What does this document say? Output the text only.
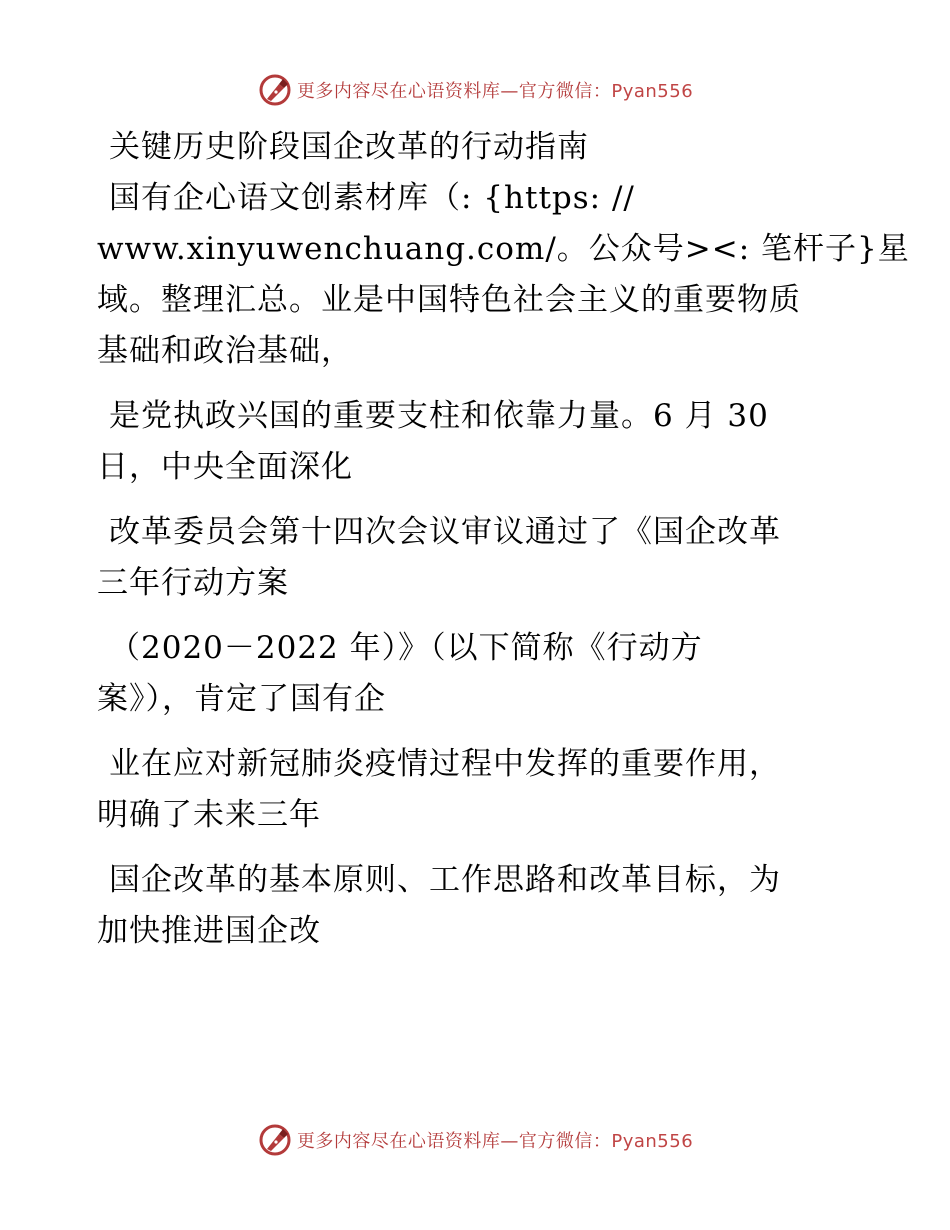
更多内容尽在心语资料库—官方微信：Pyan556

关键历史阶段国企改革的行动指南

国有企心语文创素材库（: {https: //
www.xinyuwenchuang.com/。公众号><: 笔杆子}星
域。整理汇总。业是中国特色社会主义的重要物质
基础和政治基础，

是党执政兴国的重要支柱和依靠力量。6 月 30
日，中央全面深化

改革委员会第十四次会议审议通过了《国企改革
三年行动方案

（2020－2022 年）》（以下简称《行动方
案》），肯定了国有企

业在应对新冠肺炎疫情过程中发挥的重要作用，
明确了未来三年

国企改革的基本原则、工作思路和改革目标，为
加快推进国企改

更多内容尽在心语资料库—官方微信：Pyan556
